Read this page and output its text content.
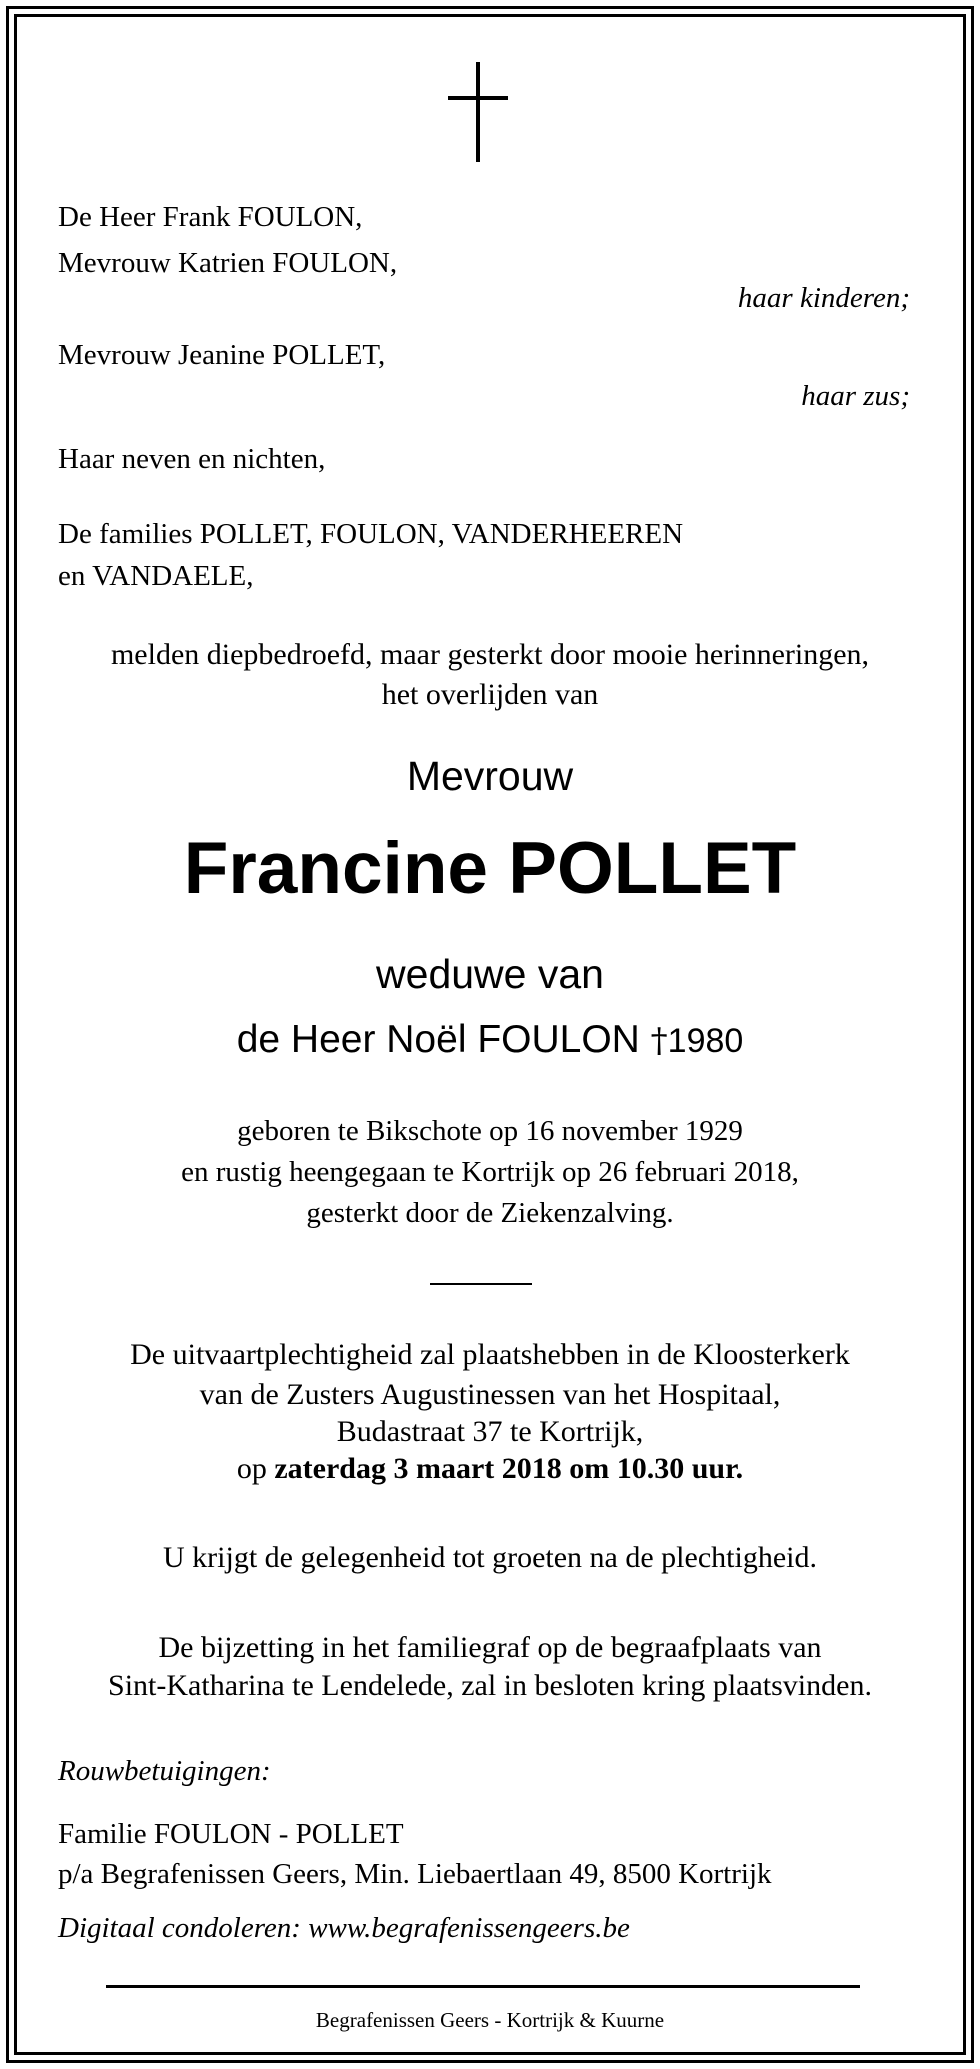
De Heer Frank FOULON,
Mevrouw Katrien FOULON,
haar kinderen;
Mevrouw Jeanine POLLET,
haar zus;
Haar neven en nichten,
De families POLLET, FOULON, VANDERHEEREN
en VANDAELE,
melden diepbedroefd, maar gesterkt door mooie herinneringen,
het overlijden van
Mevrouw
Francine POLLET
weduwe van
de Heer Noël FOULON †1980
geboren te Bikschote op 16 november 1929
en rustig heengegaan te Kortrijk op 26 februari 2018,
gesterkt door de Ziekenzalving.
De uitvaartplechtigheid zal plaatshebben in de Kloosterkerk
van de Zusters Augustinessen van het Hospitaal,
Budastraat 37 te Kortrijk,
op zaterdag 3 maart 2018 om 10.30 uur.
U krijgt de gelegenheid tot groeten na de plechtigheid.
De bijzetting in het familiegraf op de begraafplaats van
Sint-Katharina te Lendelede, zal in besloten kring plaatsvinden.
Rouwbetuigingen:
Familie FOULON - POLLET
p/a Begrafenissen Geers, Min. Liebaertlaan 49, 8500 Kortrijk
Digitaal condoleren: www.begrafenissengeers.be
Begrafenissen Geers - Kortrijk & Kuurne
